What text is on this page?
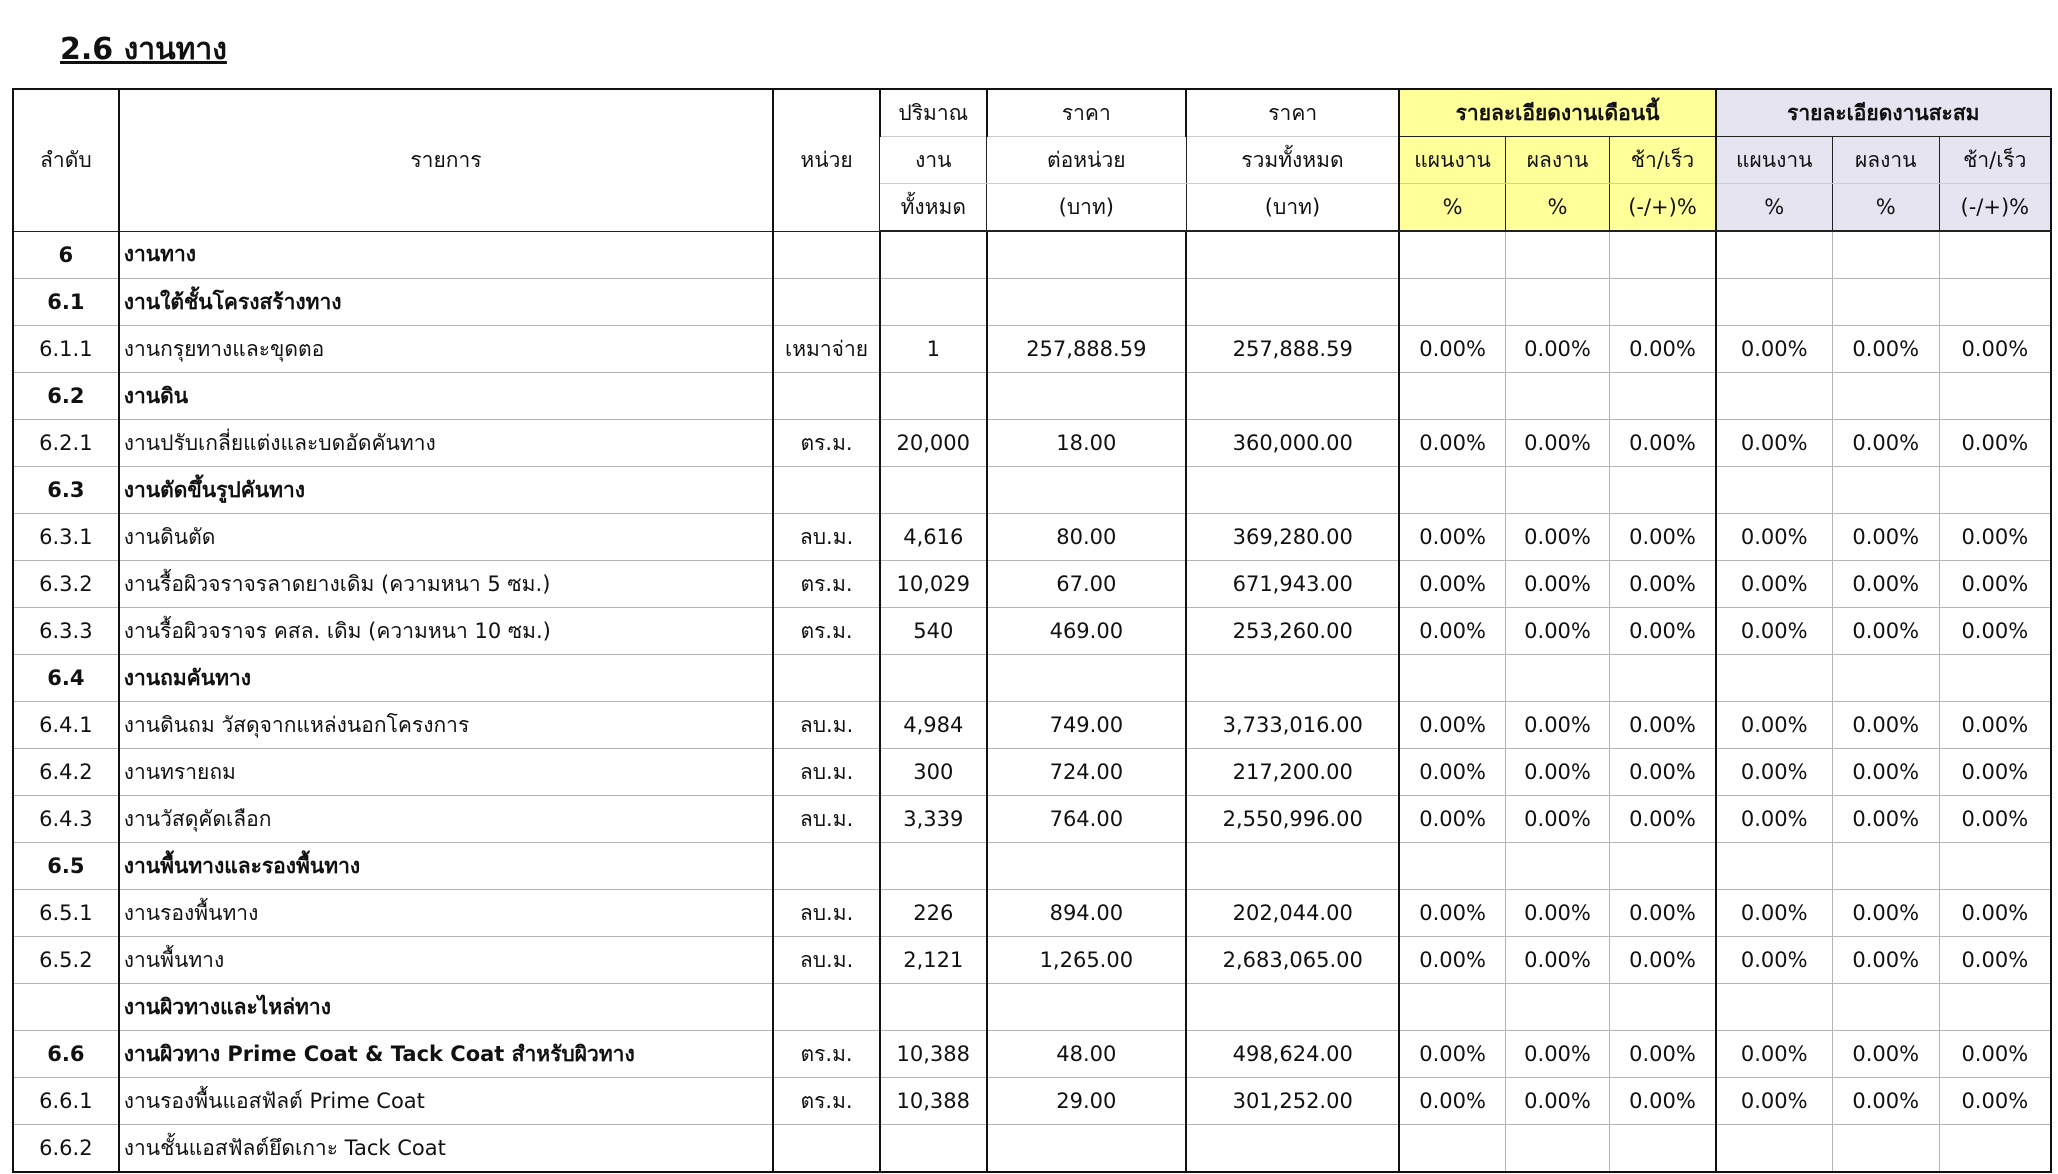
2.6 งานทาง
ลำดับ	รายการ	หน่วย	ปริมาณ	ราคา	ราคา	รายละเอียดงานเดือนนี้			รายละเอียดงานสะสม		
			งาน	ต่อหน่วย	รวมทั้งหมด	แผนงาน	ผลงาน	ช้า/เร็ว	แผนงาน	ผลงาน	ช้า/เร็ว
			ทั้งหมด	(บาท)	(บาท)	%	%	(-/+)%	%	%	(-/+)%
6	งานทาง										
6.1	งานใต้ชั้นโครงสร้างทาง										
6.1.1	งานกรุยทางและขุดตอ	เหมาจ่าย	1	257,888.59	257,888.59	0.00%	0.00%	0.00%	0.00%	0.00%	0.00%
6.2	งานดิน										
6.2.1	งานปรับเกลี่ยแต่งและบดอัดคันทาง	ตร.ม.	20,000	18.00	360,000.00	0.00%	0.00%	0.00%	0.00%	0.00%	0.00%
6.3	งานตัดขึ้นรูปคันทาง										
6.3.1	งานดินตัด	ลบ.ม.	4,616	80.00	369,280.00	0.00%	0.00%	0.00%	0.00%	0.00%	0.00%
6.3.2	งานรื้อผิวจราจรลาดยางเดิม (ความหนา 5 ซม.)	ตร.ม.	10,029	67.00	671,943.00	0.00%	0.00%	0.00%	0.00%	0.00%	0.00%
6.3.3	งานรื้อผิวจราจร คสล. เดิม (ความหนา 10 ซม.)	ตร.ม.	540	469.00	253,260.00	0.00%	0.00%	0.00%	0.00%	0.00%	0.00%
6.4	งานถมคันทาง										
6.4.1	งานดินถม วัสดุจากแหล่งนอกโครงการ	ลบ.ม.	4,984	749.00	3,733,016.00	0.00%	0.00%	0.00%	0.00%	0.00%	0.00%
6.4.2	งานทรายถม	ลบ.ม.	300	724.00	217,200.00	0.00%	0.00%	0.00%	0.00%	0.00%	0.00%
6.4.3	งานวัสดุคัดเลือก	ลบ.ม.	3,339	764.00	2,550,996.00	0.00%	0.00%	0.00%	0.00%	0.00%	0.00%
6.5	งานพื้นทางและรองพื้นทาง										
6.5.1	งานรองพื้นทาง	ลบ.ม.	226	894.00	202,044.00	0.00%	0.00%	0.00%	0.00%	0.00%	0.00%
6.5.2	งานพื้นทาง	ลบ.ม.	2,121	1,265.00	2,683,065.00	0.00%	0.00%	0.00%	0.00%	0.00%	0.00%
	งานผิวทางและไหล่ทาง										
6.6	งานผิวทาง Prime Coat & Tack Coat สำหรับผิวทาง	ตร.ม.	10,388	48.00	498,624.00	0.00%	0.00%	0.00%	0.00%	0.00%	0.00%
6.6.1	งานรองพื้นแอสฟัลต์ Prime Coat	ตร.ม.	10,388	29.00	301,252.00	0.00%	0.00%	0.00%	0.00%	0.00%	0.00%
6.6.2	งานชั้นแอสฟัลต์ยึดเกาะ Tack Coat										
